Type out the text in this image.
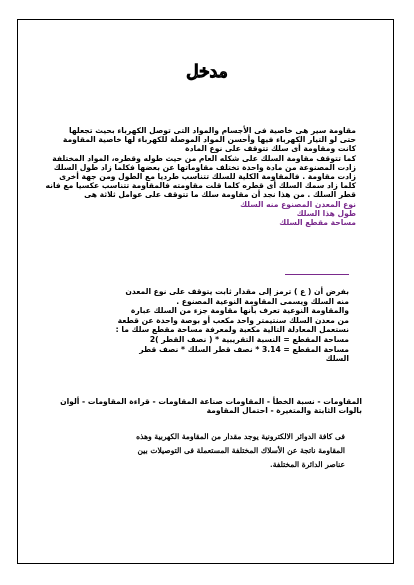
مدخل
مقاومة سير هى خاصية فى الأجسام والمواد التى توصل الكهرباء بحيث تجعلها
حتى لو التيار الكهرباء فيها وأحسن المواد الموصلة للكهرباء لها خاصية المقاومة
كانت ومقاومة أى سلك تتوقف على نوع المادة
كما تتوقف مقاومة السلك على شكله العام من حيث طوله وقطره، المواد المختلفة
زادت المصنوعة من مادة واحدة تختلف مقاوماتها عن بعضها فكلما زاد طول السلك
زادت مقاومة . فالمقاومة الكلية للسلك تتناسب طرديا مع الطول ومن جهة أخرى
كلما زاد سمك السلك أى قطره كلما قلت مقاومته فالمقاومة تتناسب عكسيا مع فانه
قطر السلك . من هذا نجد أن مقاومة سلك ما تتوقف على عوامل ثلاثة هى
نوع المعدن المصنوع منه السلك
طول هذا السلك
مساحة مقطع السلك
بفرض أن ( ع ) ترمز إلى مقدار ثابت يتوقف على نوع المعدن
منه السلك ويسمى المقاومة النوعية المصنوع .
والمقاومة النوعية تعرف بأنها مقاومة جزء من السلك عبارة
من معدن السلك سنتيمتر واحد مكعب أو بوصة واحدة عن قطعة
نستعمل المعادلة التالية مكعبة ولمعرفة مساحة مقطع سلك ما :
مساحة المقطع = النسبة التقريبية * ( نصف القطر )2
مساحة المقطع = 3.14 * نصف قطر السلك * نصف قطر
السلك
المقاومات - نسبة الخطأ - المقاومات صناعة المقاومات - قراءة المقاومات - ألوان
بالوات الثابتة والمتغيرة - احتمال المقاومة
فى كافة الدوائر الالكترونية يوجد مقدار من المقاومة الكهربية وهذه
المقاومة ناتجة عن الأسلاك المختلفة المستعملة فى التوصيلات بين
عناصر الدائرة المختلفة.
